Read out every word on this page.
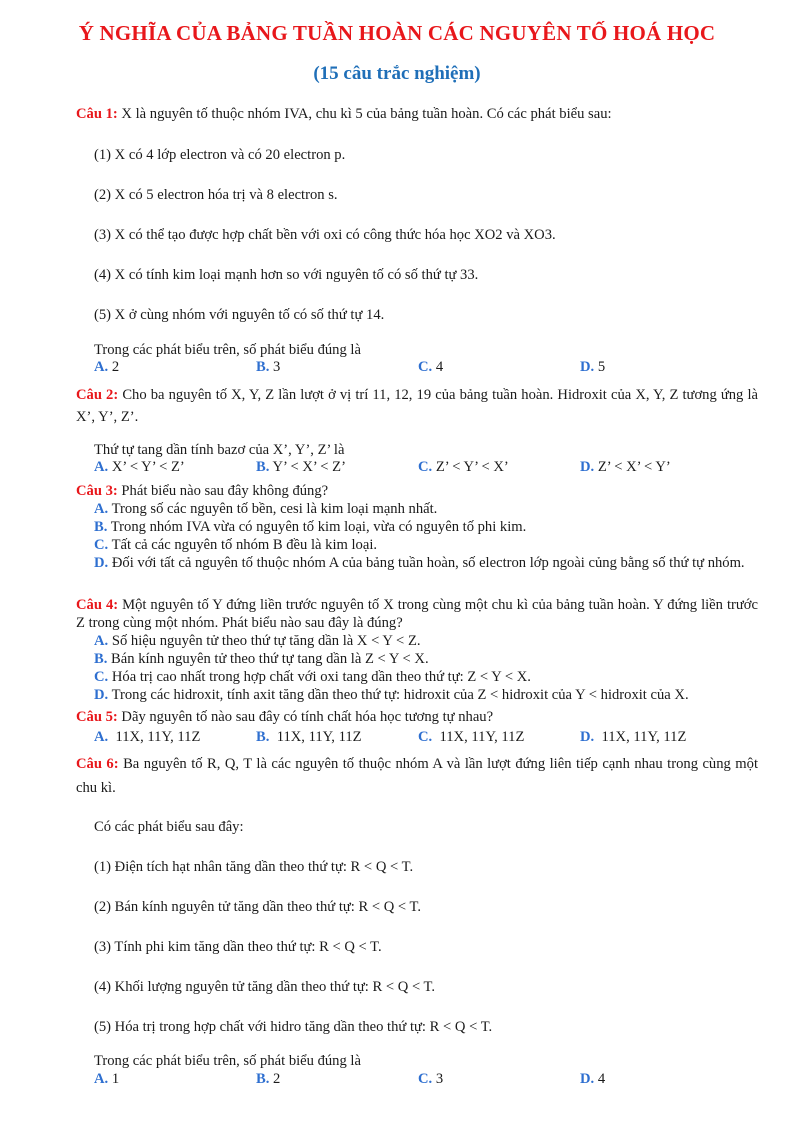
Ý NGHĨA CỦA BẢNG TUẦN HOÀN CÁC NGUYÊN TỐ HOÁ HỌC
(15 câu trắc nghiệm)
Câu 1: X là nguyên tố thuộc nhóm IVA, chu kì 5 của bảng tuần hoàn. Có các phát biểu sau:
(1) X có 4 lớp electron và có 20 electron p.
(2) X có 5 electron hóa trị và 8 electron s.
(3) X có thể tạo được hợp chất bền với oxi có công thức hóa học XO2 và XO3.
(4) X có tính kim loại mạnh hơn so với nguyên tố có số thứ tự 33.
(5) X ở cùng nhóm với nguyên tố có số thứ tự 14.
Trong các phát biểu trên, số phát biểu đúng là
A. 2	B. 3	C. 4	D. 5
Câu 2: Cho ba nguyên tố X, Y, Z lần lượt ở vị trí 11, 12, 19 của bảng tuần hoàn. Hidroxit của X, Y, Z tương ứng là X’, Y’, Z’.
Thứ tự tang dần tính bazơ của X’, Y’, Z’ là
A. X’ < Y’ < Z’	B. Y’ < X’ < Z’	C. Z’ < Y’ < X’	D. Z’ < X’ < Y’
Câu 3: Phát biểu nào sau đây không đúng?
A. Trong số các nguyên tố bền, cesi là kim loại mạnh nhất.
B. Trong nhóm IVA vừa có nguyên tố kim loại, vừa có nguyên tố phi kim.
C. Tất cả các nguyên tố nhóm B đều là kim loại.
D. Đối với tất cả nguyên tố thuộc nhóm A của bảng tuần hoàn, số electron lớp ngoài củng bằng số thứ tự nhóm.
Câu 4: Một nguyên tố Y đứng liền trước nguyên tố X trong cùng một chu kì của bảng tuần hoàn. Y đứng liền trước Z trong cùng một nhóm. Phát biểu nào sau đây là đúng?
A. Số hiệu nguyên tử theo thứ tự tăng dần là X < Y < Z.
B. Bán kính nguyên tử theo thứ tự tang dần là Z < Y < X.
C. Hóa trị cao nhất trong hợp chất với oxi tang dần theo thứ tự: Z < Y < X.
D. Trong các hidroxit, tính axit tăng dần theo thứ tự: hidroxit của Z < hidroxit của Y < hidroxit của X.
Câu 5: Dãy nguyên tố nào sau đây có tính chất hóa học tương tự nhau?
A. 11X, 11Y, 11Z	B. 11X, 11Y, 11Z	C. 11X, 11Y, 11Z	D. 11X, 11Y, 11Z
Câu 6: Ba nguyên tố R, Q, T là các nguyên tố thuộc nhóm A và lần lượt đứng liên tiếp cạnh nhau trong cùng một chu kì.
Có các phát biểu sau đây:
(1) Điện tích hạt nhân tăng dần theo thứ tự: R < Q < T.
(2) Bán kính nguyên tử tăng dần theo thứ tự: R < Q < T.
(3) Tính phi kim tăng dần theo thứ tự: R < Q < T.
(4) Khối lượng nguyên tử tăng dần theo thứ tự: R < Q < T.
(5) Hóa trị trong hợp chất với hidro tăng dần theo thứ tự: R < Q < T.
Trong các phát biểu trên, số phát biểu đúng là
A. 1	B. 2	C. 3	D. 4
